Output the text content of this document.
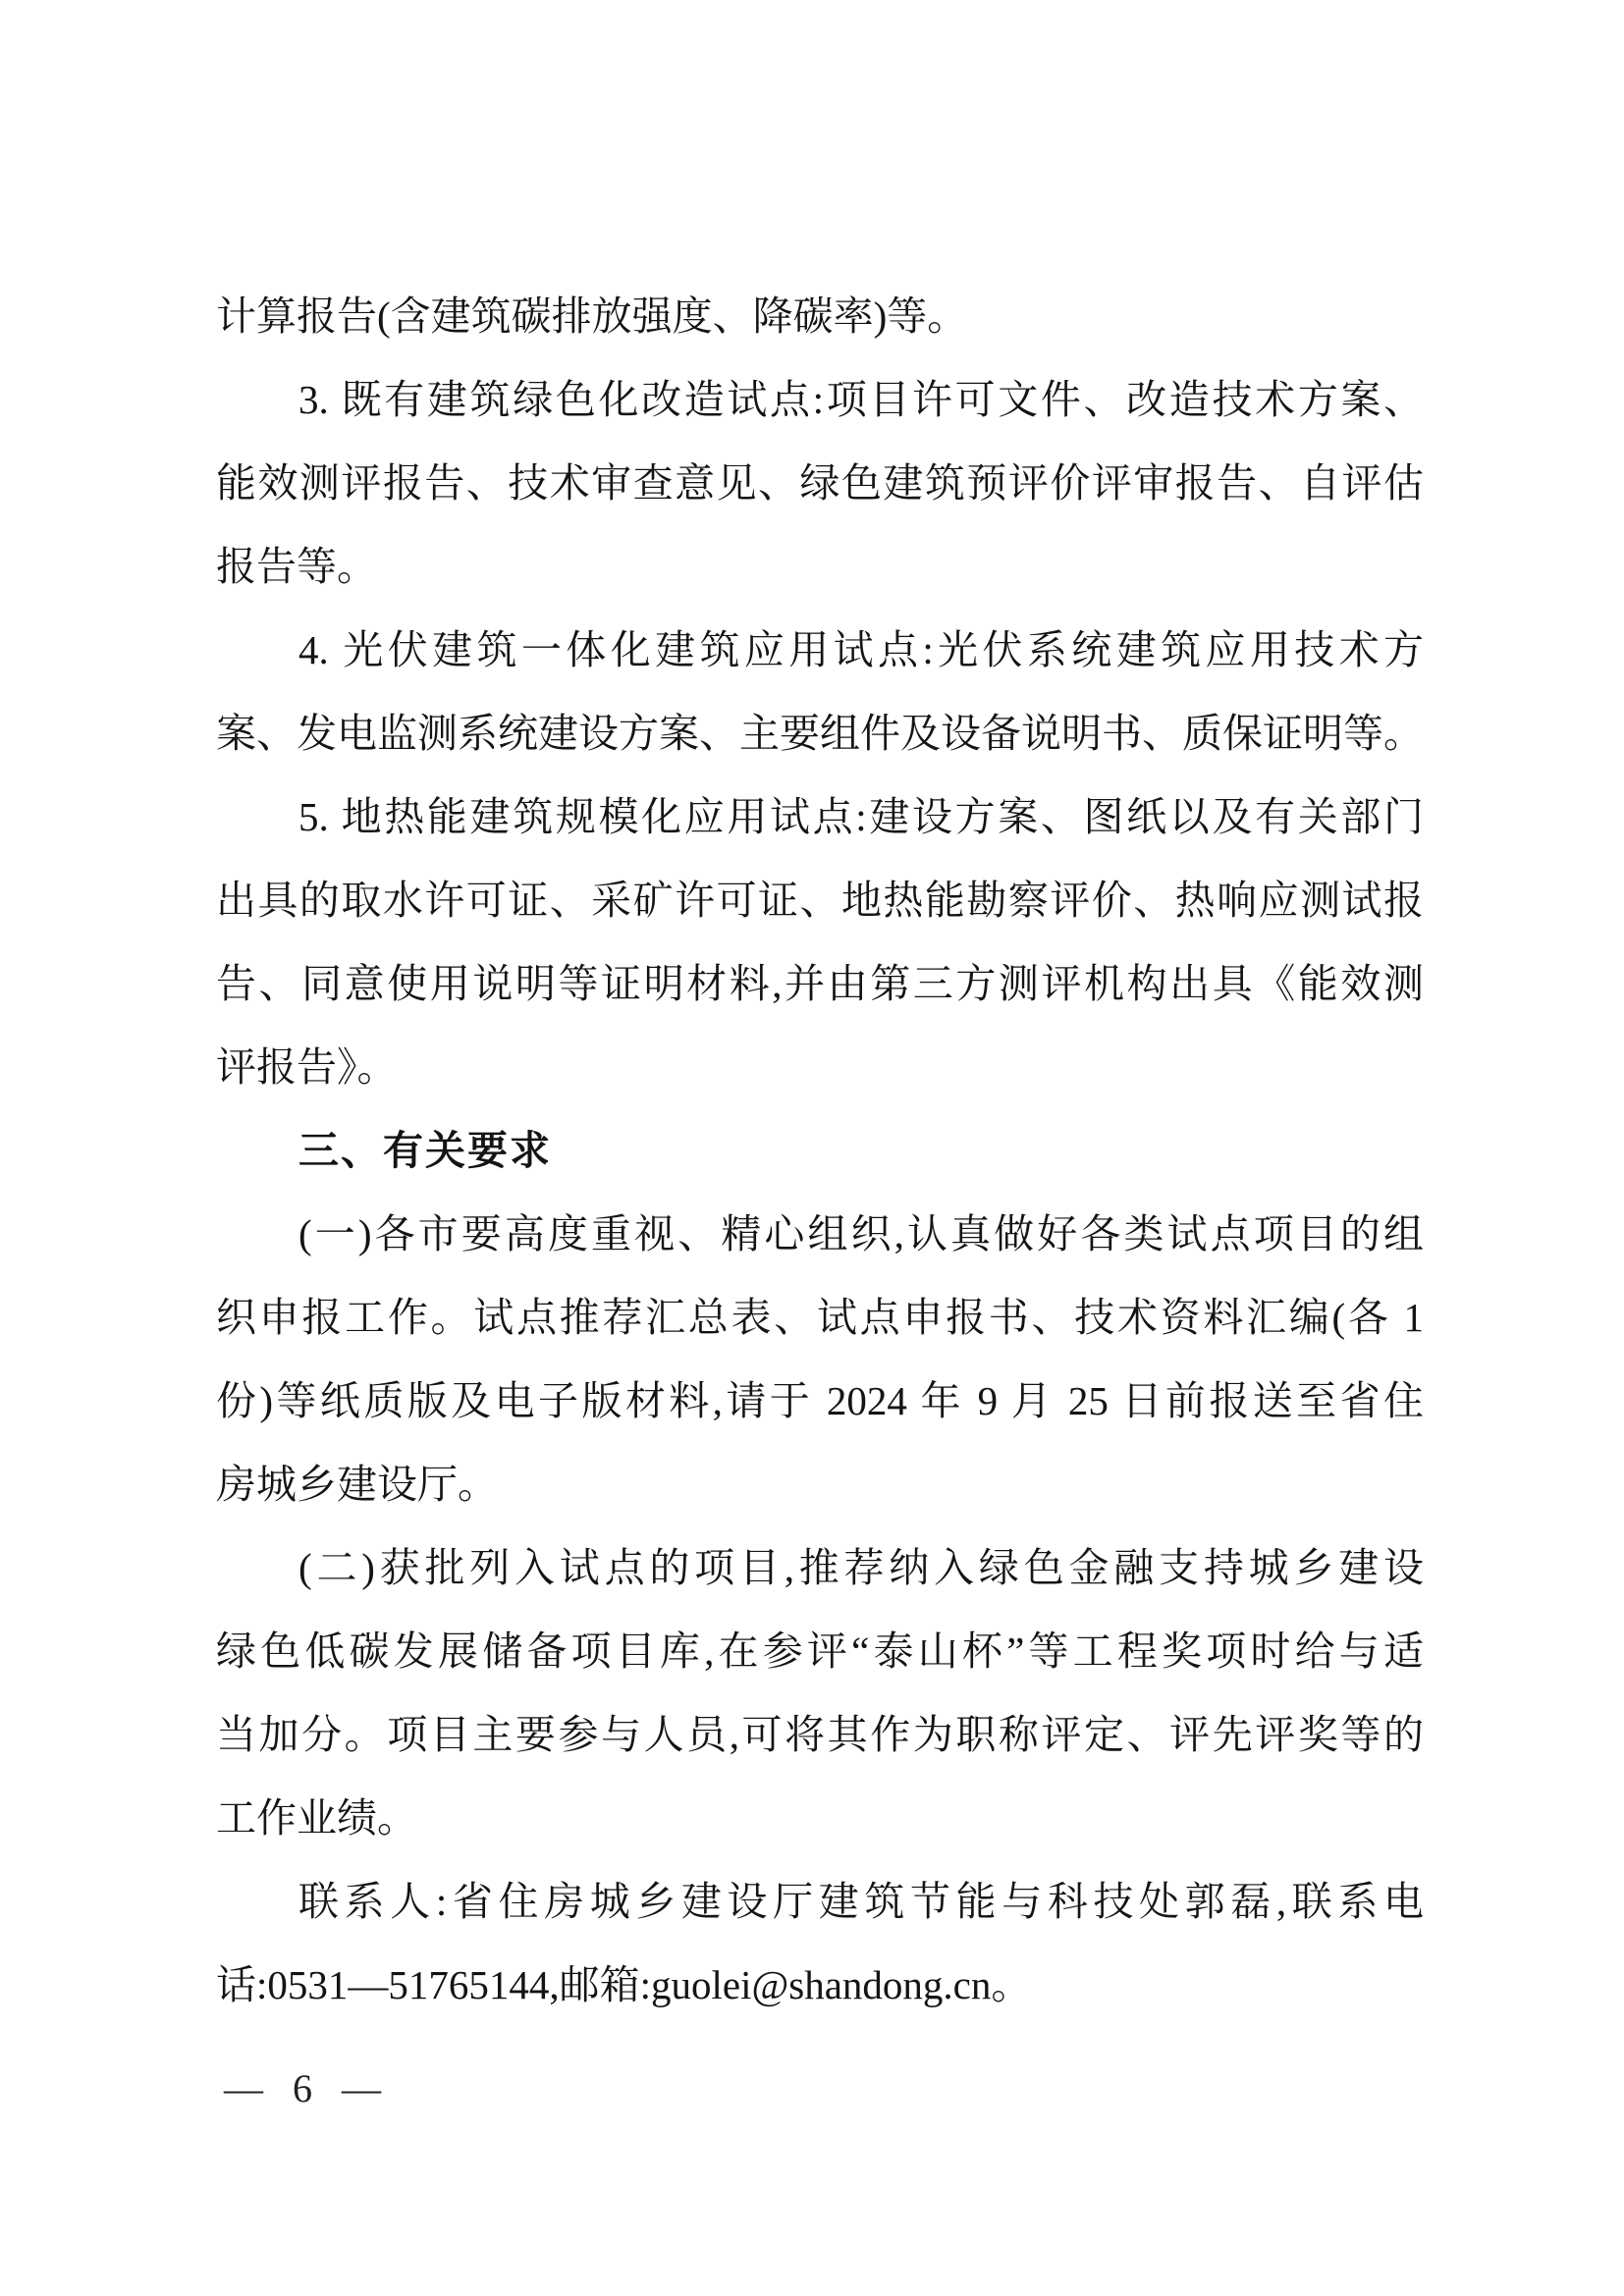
计算报告(含建筑碳排放强度、降碳率)等。
3. 既有建筑绿色化改造试点:项目许可文件、改造技术方案、
能效测评报告、技术审查意见、绿色建筑预评价评审报告、自评估
报告等。
4. 光伏建筑一体化建筑应用试点:光伏系统建筑应用技术方
案、发电监测系统建设方案、主要组件及设备说明书、质保证明等。
5. 地热能建筑规模化应用试点:建设方案、图纸以及有关部门
出具的取水许可证、采矿许可证、地热能勘察评价、热响应测试报
告、同意使用说明等证明材料,并由第三方测评机构出具《能效测
评报告》。
三、有关要求
(一)各市要高度重视、精心组织,认真做好各类试点项目的组
织申报工作。试点推荐汇总表、试点申报书、技术资料汇编(各 1
份)等纸质版及电子版材料,请于 2024 年 9 月 25 日前报送至省住
房城乡建设厅。
(二)获批列入试点的项目,推荐纳入绿色金融支持城乡建设
绿色低碳发展储备项目库,在参评“泰山杯”等工程奖项时给与适
当加分。项目主要参与人员,可将其作为职称评定、评先评奖等的
工作业绩。
联系人:省住房城乡建设厅建筑节能与科技处郭磊,联系电
话:0531—51765144,邮箱:guolei@shandong.cn。
— 6 —
